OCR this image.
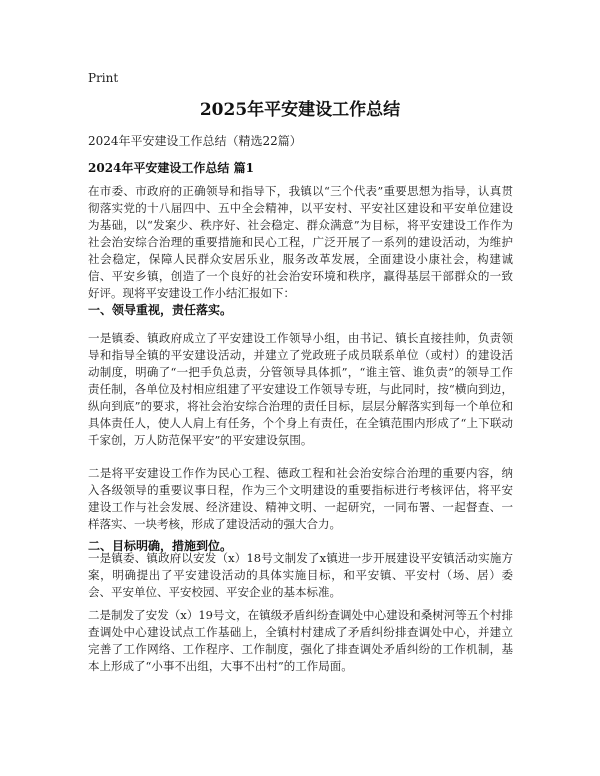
Print
2025年平安建设工作总结
2024年平安建设工作总结（精选22篇）
2024年平安建设工作总结 篇1

在市委、市政府的正确领导和指导下，我镇以“三个代表”重要思想为指导，认真贯彻落实党的十八届四中、五中全会精神，以平安村、平安社区建设和平安单位建设为基础，以“发案少、秩序好、社会稳定、群众满意”为目标，将平安建设工作作为社会治安综合治理的重要措施和民心工程，广泛开展了一系列的建设活动，为维护社会稳定，保障人民群众安居乐业，服务改革发展，全面建设小康社会，构建诚信、平安乡镇，创造了一个良好的社会治安环境和秩序，赢得基层干部群众的一致好评。现将平安建设工作小结汇报如下：

一、领导重视，责任落实。

一是镇委、镇政府成立了平安建设工作领导小组，由书记、镇长直接挂帅，负责领导和指导全镇的平安建设活动，并建立了党政班子成员联系单位（或村）的建设活动制度，明确了“一把手负总责，分管领导具体抓”，“谁主管、谁负责”的领导工作责任制，各单位及村相应组建了平安建设工作领导专班，与此同时，按“横向到边，纵向到底”的要求，将社会治安综合治理的责任目标，层层分解落实到每一个单位和具体责任人，使人人肩上有任务，个个身上有责任，在全镇范围内形成了“上下联动千家创，万人防范保平安”的平安建设氛围。

二是将平安建设工作作为民心工程、德政工程和社会治安综合治理的重要内容，纳入各级领导的重要议事日程，作为三个文明建设的重要指标进行考核评估，将平安建设工作与社会发展、经济建设、精神文明、一起研究，一同布署、一起督查、一样落实、一块考核，形成了建设活动的强大合力。

二、目标明确，措施到位。

一是镇委、镇政府以安发（x）18号文制发了x镇进一步开展建设平安镇活动实施方案，明确提出了平安建设活动的具体实施目标，和平安镇、平安村（场、居）委会、平安单位、平安校园、平安企业的基本标准。

二是制发了安发（x）19号文，在镇级矛盾纠纷查调处中心建设和桑树河等五个村排查调处中心建设试点工作基础上，全镇村村建成了矛盾纠纷排查调处中心，并建立完善了工作网络、工作程序、工作制度，强化了排查调处矛盾纠纷的工作机制，基本上形成了“小事不出组，大事不出村”的工作局面。
